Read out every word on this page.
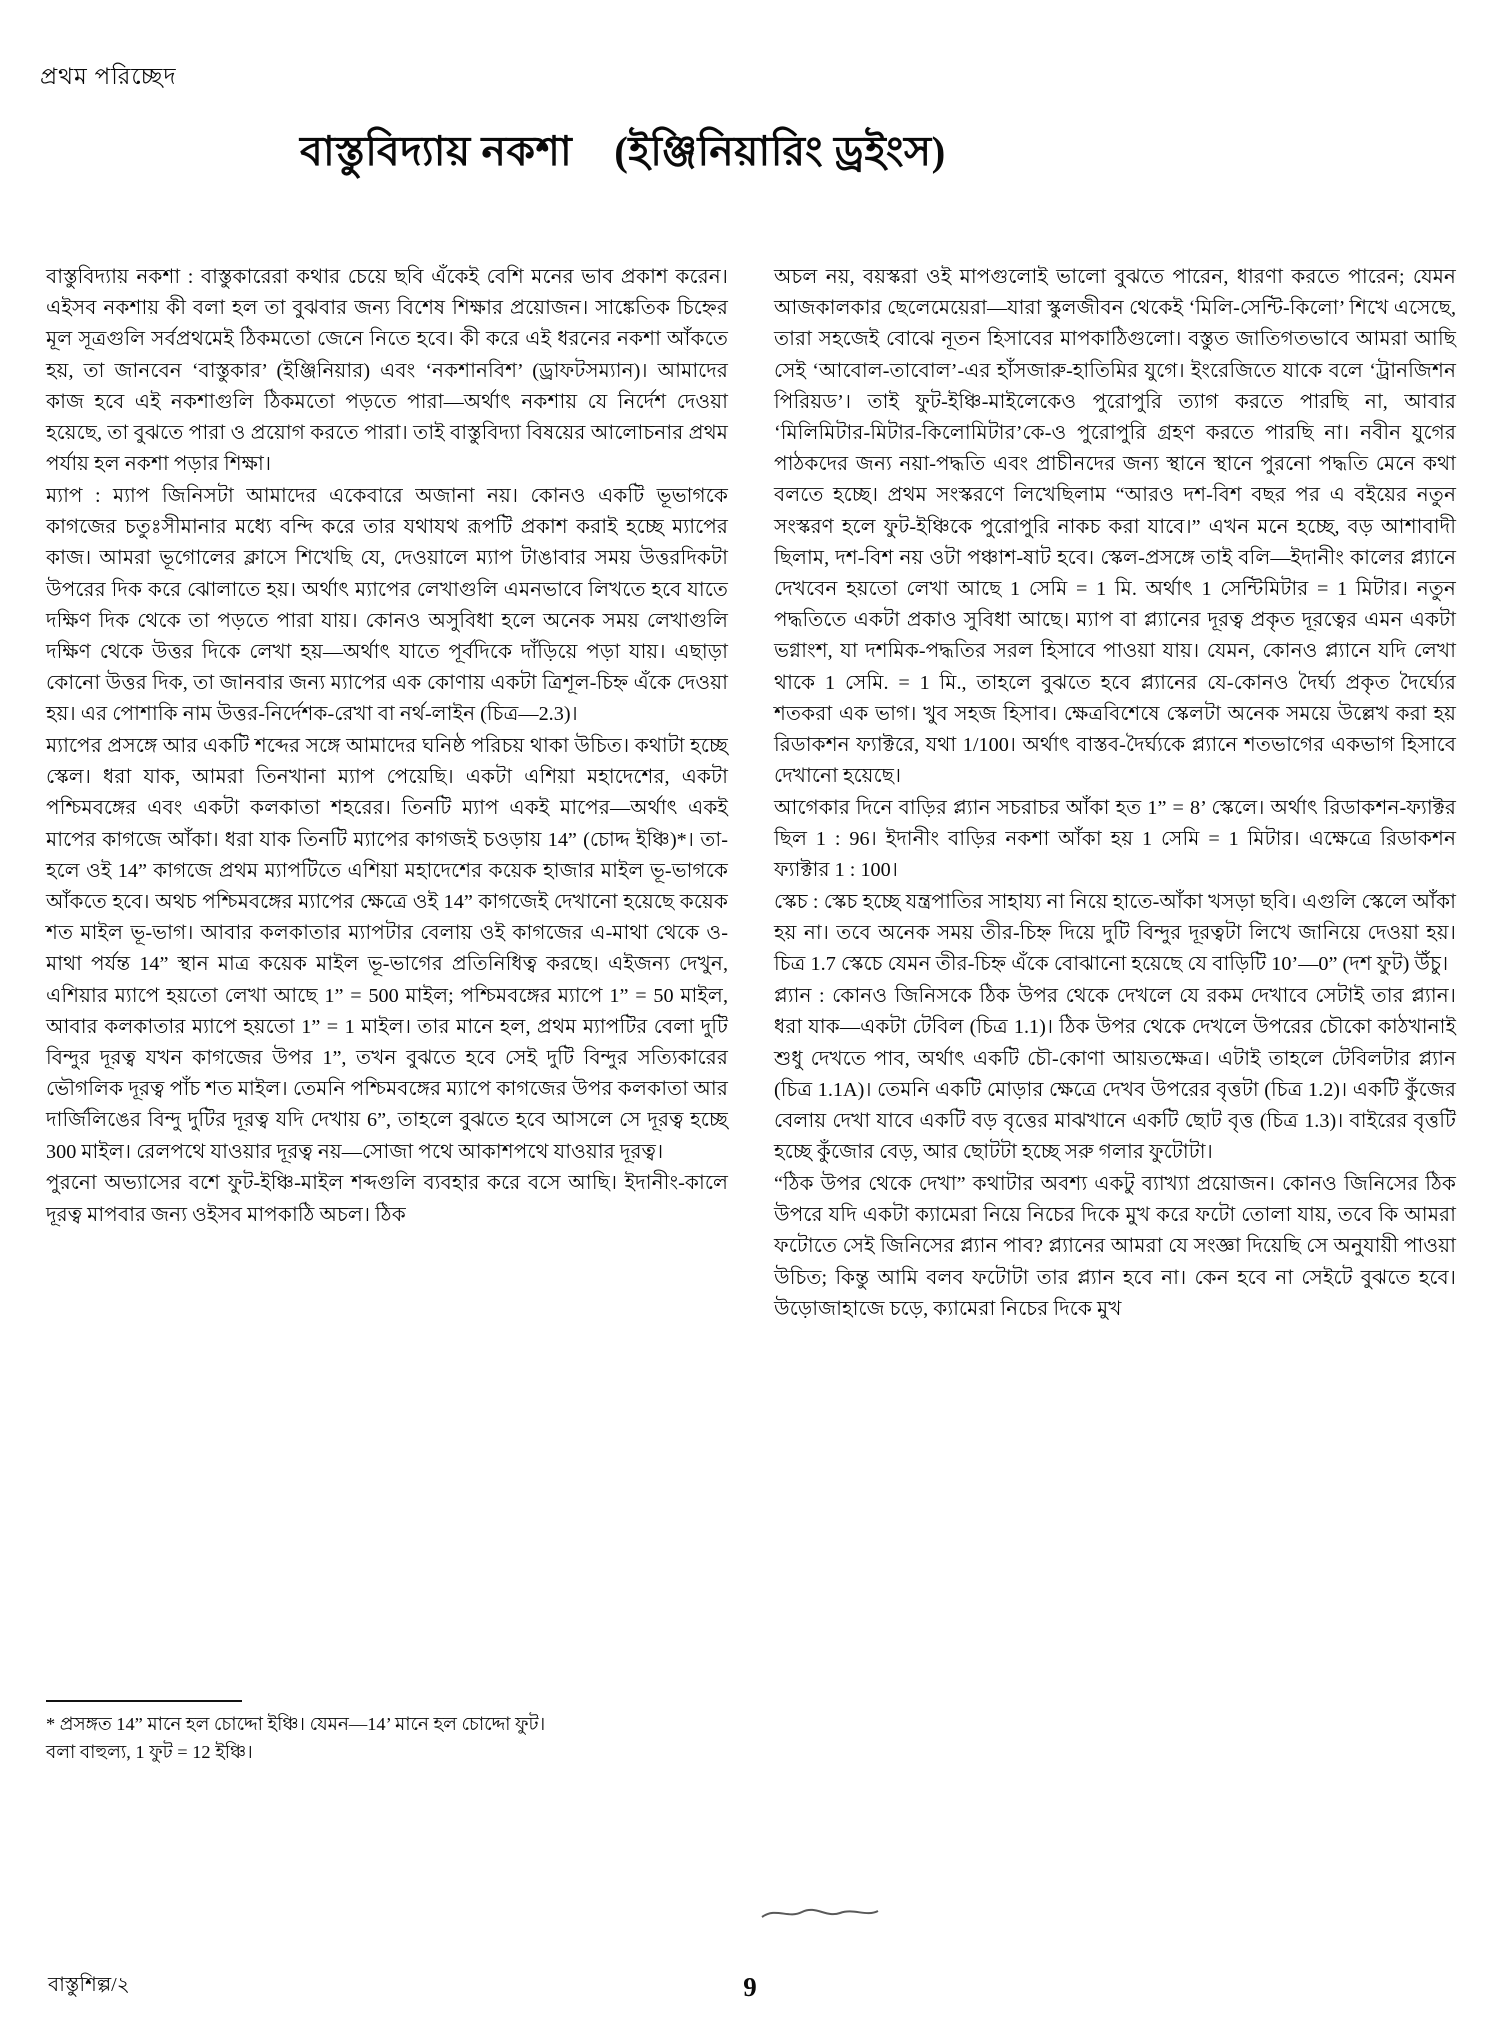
প্রথম পরিচ্ছেদ
বাস্তুবিদ্যায় নকশা (ইঞ্জিনিয়ারিং ড্রইংস)

বাস্তুবিদ্যায় নকশা : বাস্তুকারেরা কথার চেয়ে ছবি এঁকেই বেশি মনের ভাব প্রকাশ করেন। এইসব নকশায় কী বলা হল তা বুঝবার জন্য বিশেষ শিক্ষার প্রয়োজন। সাঙ্কেতিক চিহ্নের মূল সূত্রগুলি সর্বপ্রথমেই ঠিকমতো জেনে নিতে হবে। কী করে এই ধরনের নকশা আঁকতে হয়, তা জানবেন ‘বাস্তুকার’ (ইঞ্জিনিয়ার) এবং ‘নকশানবিশ’ (ড্রাফটসম্যান)। আমাদের কাজ হবে এই নকশাগুলি ঠিকমতো পড়তে পারা—অর্থাৎ নকশায় যে নির্দেশ দেওয়া হয়েছে, তা বুঝতে পারা ও প্রয়োগ করতে পারা। তাই বাস্তুবিদ্যা বিষয়ের আলোচনার প্রথম পর্যায় হল নকশা পড়ার শিক্ষা।

ম্যাপ : ম্যাপ জিনিসটা আমাদের একেবারে অজানা নয়। কোনও একটি ভূভাগকে কাগজের চতুঃসীমানার মধ্যে বন্দি করে তার যথাযথ রূপটি প্রকাশ করাই হচ্ছে ম্যাপের কাজ। আমরা ভূগোলের ক্লাসে শিখেছি যে, দেওয়ালে ম্যাপ টাঙাবার সময় উত্তরদিকটা উপরের দিক করে ঝোলাতে হয়। অর্থাৎ ম্যাপের লেখাগুলি এমনভাবে লিখতে হবে যাতে দক্ষিণ দিক থেকে তা পড়তে পারা যায়। কোনও অসুবিধা হলে অনেক সময় লেখাগুলি দক্ষিণ থেকে উত্তর দিকে লেখা হয়—অর্থাৎ যাতে পূর্বদিকে দাঁড়িয়ে পড়া যায়। এছাড়া কোনো উত্তর দিক, তা জানবার জন্য ম্যাপের এক কোণায় একটা ত্রিশূল-চিহ্ন এঁকে দেওয়া হয়। এর পোশাকি নাম উত্তর-নির্দেশক-রেখা বা নর্থ-লাইন (চিত্র—2.3)।

ম্যাপের প্রসঙ্গে আর একটি শব্দের সঙ্গে আমাদের ঘনিষ্ঠ পরিচয় থাকা উচিত। কথাটা হচ্ছে স্কেল। ধরা যাক, আমরা তিনখানা ম্যাপ পেয়েছি। একটা এশিয়া মহাদেশের, একটা পশ্চিমবঙ্গের এবং একটা কলকাতা শহরের। তিনটি ম্যাপ একই মাপের—অর্থাৎ একই মাপের কাগজে আঁকা। ধরা যাক তিনটি ম্যাপের কাগজই চওড়ায় 14” (চোদ্দ ইঞ্চি)*। তা-হলে ওই 14” কাগজে প্রথম ম্যাপটিতে এশিয়া মহাদেশের কয়েক হাজার মাইল ভূ-ভাগকে আঁকতে হবে। অথচ পশ্চিমবঙ্গের ম্যাপের ক্ষেত্রে ওই 14” কাগজেই দেখানো হয়েছে কয়েক শত মাইল ভূ-ভাগ। আবার কলকাতার ম্যাপটার বেলায় ওই কাগজের এ-মাথা থেকে ও-মাথা পর্যন্ত 14” স্থান মাত্র কয়েক মাইল ভূ-ভাগের প্রতিনিধিত্ব করছে। এইজন্য দেখুন, এশিয়ার ম্যাপে হয়তো লেখা আছে 1” = 500 মাইল; পশ্চিমবঙ্গের ম্যাপে 1” = 50 মাইল, আবার কলকাতার ম্যাপে হয়তো 1” = 1 মাইল। তার মানে হল, প্রথম ম্যাপটির বেলা দুটি বিন্দুর দূরত্ব যখন কাগজের উপর 1”, তখন বুঝতে হবে সেই দুটি বিন্দুর সত্যিকারের ভৌগলিক দূরত্ব পাঁচ শত মাইল। তেমনি পশ্চিমবঙ্গের ম্যাপে কাগজের উপর কলকাতা আর দার্জিলিঙের বিন্দু দুটির দূরত্ব যদি দেখায় 6”, তাহলে বুঝতে হবে আসলে সে দূরত্ব হচ্ছে 300 মাইল। রেলপথে যাওয়ার দূরত্ব নয়—সোজা পথে আকাশপথে যাওয়ার দূরত্ব।

পুরনো অভ্যাসের বশে ফুট-ইঞ্চি-মাইল শব্দগুলি ব্যবহার করে বসে আছি। ইদানীং-কালে দূরত্ব মাপবার জন্য ওইসব মাপকাঠি অচল। ঠিক

অচল নয়, বয়স্করা ওই মাপগুলোই ভালো বুঝতে পারেন, ধারণা করতে পারেন; যেমন আজকালকার ছেলেমেয়েরা—যারা স্কুলজীবন থেকেই ‘মিলি-সেন্টি-কিলো’ শিখে এসেছে, তারা সহজেই বোঝে নূতন হিসাবের মাপকাঠিগুলো। বস্তুত জাতিগতভাবে আমরা আছি সেই ‘আবোল-তাবোল’-এর হাঁসজারু-হাতিমির যুগে। ইংরেজিতে যাকে বলে ‘ট্রানজিশন পিরিয়ড’। তাই ফুট-ইঞ্চি-মাইলেকেও পুরোপুরি ত্যাগ করতে পারছি না, আবার ‘মিলিমিটার-মিটার-কিলোমিটার’কে-ও পুরোপুরি গ্রহণ করতে পারছি না। নবীন যুগের পাঠকদের জন্য নয়া-পদ্ধতি এবং প্রাচীনদের জন্য স্থানে স্থানে পুরনো পদ্ধতি মেনে কথা বলতে হচ্ছে। প্রথম সংস্করণে লিখেছিলাম “আরও দশ-বিশ বছর পর এ বইয়ের নতুন সংস্করণ হলে ফুট-ইঞ্চিকে পুরোপুরি নাকচ করা যাবে।” এখন মনে হচ্ছে, বড় আশাবাদী ছিলাম, দশ-বিশ নয় ওটা পঞ্চাশ-ষাট হবে। স্কেল-প্রসঙ্গে তাই বলি—ইদানীং কালের প্ল্যানে দেখবেন হয়তো লেখা আছে 1 সেমি = 1 মি. অর্থাৎ 1 সেন্টিমিটার = 1 মিটার। নতুন পদ্ধতিতে একটা প্রকাও সুবিধা আছে। ম্যাপ বা প্ল্যানের দূরত্ব প্রকৃত দূরত্বের এমন একটা ভগ্নাংশ, যা দশমিক-পদ্ধতির সরল হিসাবে পাওয়া যায়। যেমন, কোনও প্ল্যানে যদি লেখা থাকে 1 সেমি. = 1 মি., তাহলে বুঝতে হবে প্ল্যানের যে-কোনও দৈর্ঘ্য প্রকৃত দৈর্ঘ্যের শতকরা এক ভাগ। খুব সহজ হিসাব। ক্ষেত্রবিশেষে স্কেলটা অনেক সময়ে উল্লেখ করা হয় রিডাকশন ফ্যাক্টরে, যথা 1/100। অর্থাৎ বাস্তব-দৈর্ঘ্যকে প্ল্যানে শতভাগের একভাগ হিসাবে দেখানো হয়েছে।

আগেকার দিনে বাড়ির প্ল্যান সচরাচর আঁকা হত 1” = 8’ স্কেলে। অর্থাৎ রিডাকশন-ফ্যাক্টর ছিল 1 : 96। ইদানীং বাড়ির নকশা আঁকা হয় 1 সেমি = 1 মিটার। এক্ষেত্রে রিডাকশন ফ্যাক্টার 1 : 100।

স্কেচ : স্কেচ হচ্ছে যন্ত্রপাতির সাহায্য না নিয়ে হাতে-আঁকা খসড়া ছবি। এগুলি স্কেলে আঁকা হয় না। তবে অনেক সময় তীর-চিহ্ন দিয়ে দুটি বিন্দুর দূরত্বটা লিখে জানিয়ে দেওয়া হয়। চিত্র 1.7 স্কেচে যেমন তীর-চিহ্ন এঁকে বোঝানো হয়েছে যে বাড়িটি 10’—0” (দশ ফুট) উঁচু।

প্ল্যান : কোনও জিনিসকে ঠিক উপর থেকে দেখলে যে রকম দেখাবে সেটাই তার প্ল্যান। ধরা যাক—একটা টেবিল (চিত্র 1.1)। ঠিক উপর থেকে দেখলে উপরের চৌকো কাঠখানাই শুধু দেখতে পাব, অর্থাৎ একটি চৌ-কোণা আয়তক্ষেত্র। এটাই তাহলে টেবিলটার প্ল্যান (চিত্র 1.1A)। তেমনি একটি মোড়ার ক্ষেত্রে দেখব উপরের বৃত্তটা (চিত্র 1.2)। একটি কুঁজের বেলায় দেখা যাবে একটি বড় বৃত্তের মাঝখানে একটি ছোট বৃত্ত (চিত্র 1.3)। বাইরের বৃত্তটি হচ্ছে কুঁজোর বেড়, আর ছোটটা হচ্ছে সরু গলার ফুটোটা।

“ঠিক উপর থেকে দেখা” কথাটার অবশ্য একটু ব্যাখ্যা প্রয়োজন। কোনও জিনিসের ঠিক উপরে যদি একটা ক্যামেরা নিয়ে নিচের দিকে মুখ করে ফটো তোলা যায়, তবে কি আমরা ফটোতে সেই জিনিসের প্ল্যান পাব? প্ল্যানের আমরা যে সংজ্ঞা দিয়েছি সে অনুযায়ী পাওয়া উচিত; কিন্তু আমি বলব ফটোটা তার প্ল্যান হবে না। কেন হবে না সেইটে বুঝতে হবে। উড়োজাহাজে চড়ে, ক্যামেরা নিচের দিকে মুখ

* প্রসঙ্গত 14” মানে হল চোদ্দো ইঞ্চি। যেমন—14’ মানে হল চোদ্দো ফুট।
বলা বাহুল্য, 1 ফুট = 12 ইঞ্চি।
বাস্তুশিল্প/২	9
